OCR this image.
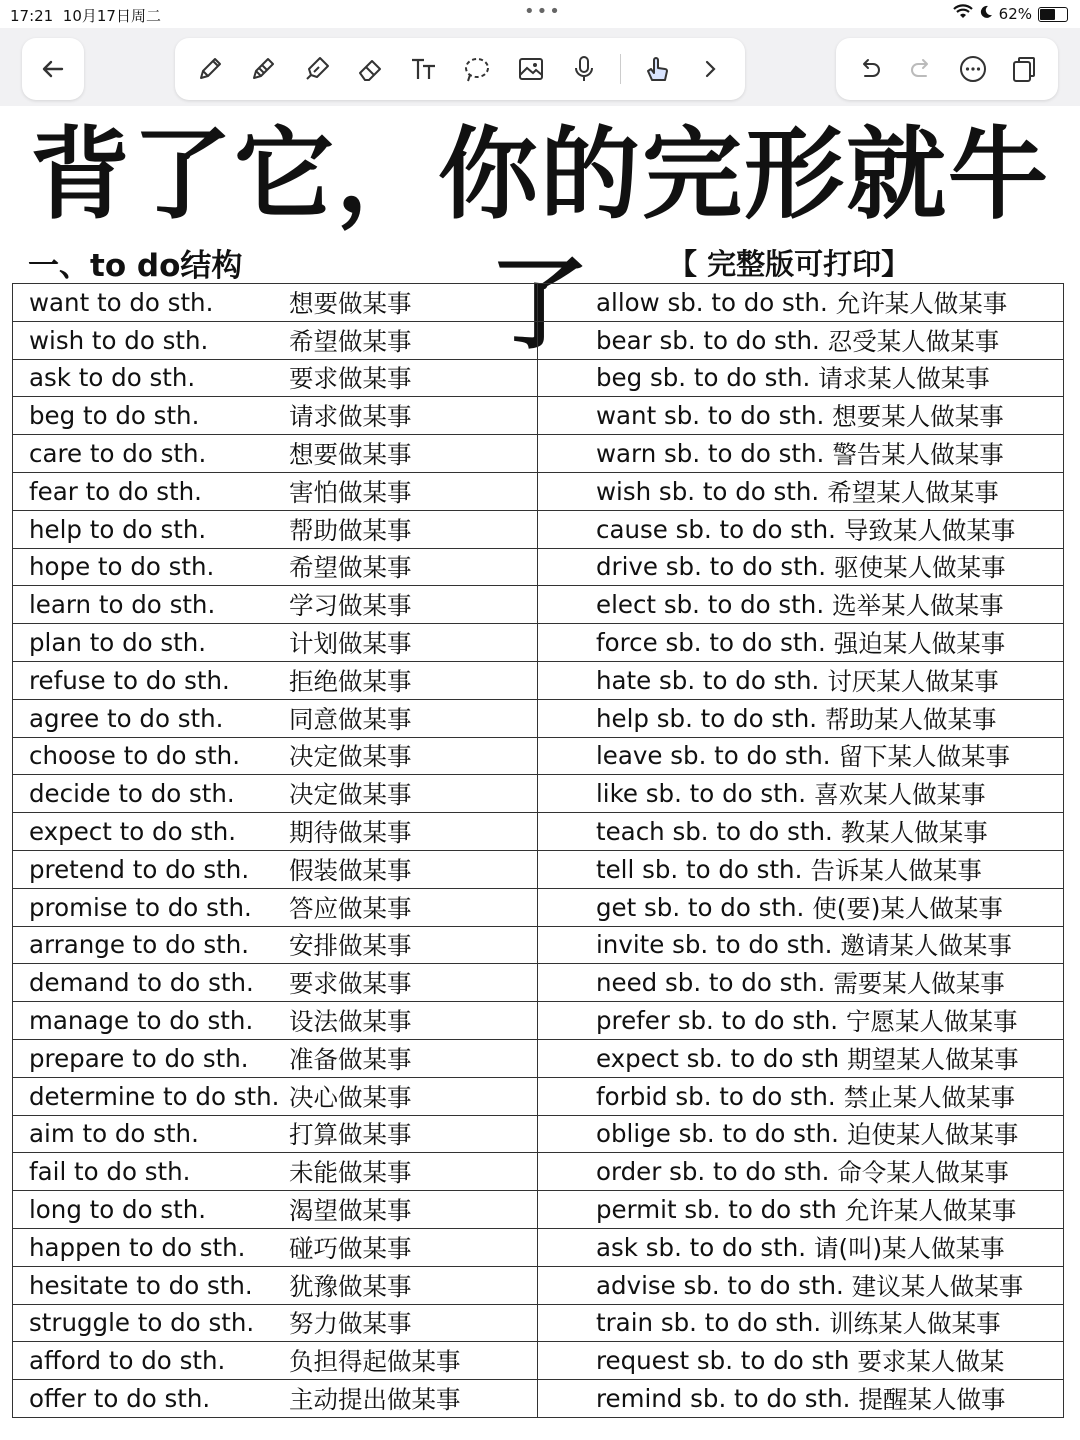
17:21 10月17日周二	•••	62%
背了它，你的完形就牛了
一、to do结构	【 完整版可打印】
want to do sth. 想要做某事	allow sb. to do sth. 允许某人做某事

wish to do sth. 希望做某事	bear sb. to do sth. 忍受某人做某事

ask to do sth. 要求做某事	beg sb. to do sth. 请求某人做某事

beg to do sth. 请求做某事	want sb. to do sth. 想要某人做某事

care to do sth. 想要做某事	warn sb. to do sth. 警告某人做某事

fear to do sth. 害怕做某事	wish sb. to do sth. 希望某人做某事

help to do sth. 帮助做某事	cause sb. to do sth. 导致某人做某事

hope to do sth. 希望做某事	drive sb. to do sth. 驱使某人做某事

learn to do sth. 学习做某事	elect sb. to do sth. 选举某人做某事

plan to do sth. 计划做某事	force sb. to do sth. 强迫某人做某事

refuse to do sth. 拒绝做某事	hate sb. to do sth. 讨厌某人做某事

agree to do sth. 同意做某事	help sb. to do sth. 帮助某人做某事

choose to do sth. 决定做某事	leave sb. to do sth. 留下某人做某事

decide to do sth. 决定做某事	like sb. to do sth. 喜欢某人做某事

expect to do sth. 期待做某事	teach sb. to do sth. 教某人做某事

pretend to do sth. 假装做某事	tell sb. to do sth. 告诉某人做某事

promise to do sth. 答应做某事	get sb. to do sth. 使(要)某人做某事

arrange to do sth. 安排做某事	invite sb. to do sth. 邀请某人做某事

demand to do sth. 要求做某事	need sb. to do sth. 需要某人做某事

manage to do sth. 设法做某事	prefer sb. to do sth. 宁愿某人做某事

prepare to do sth. 准备做某事	expect sb. to do sth 期望某人做某事

determine to do sth. 决心做某事	forbid sb. to do sth. 禁止某人做某事

aim to do sth. 打算做某事	oblige sb. to do sth. 迫使某人做某事

fail to do sth. 未能做某事	order sb. to do sth. 命令某人做某事

long to do sth. 渴望做某事	permit sb. to do sth 允许某人做某事

happen to do sth. 碰巧做某事	ask sb. to do sth. 请(叫)某人做某事

hesitate to do sth. 犹豫做某事	advise sb. to do sth. 建议某人做某事

struggle to do sth. 努力做某事	train sb. to do sth. 训练某人做某事

afford to do sth. 负担得起做某事	request sb. to do sth 要求某人做某

offer to do sth. 主动提出做某事	remind sb. to do sth. 提醒某人做事
